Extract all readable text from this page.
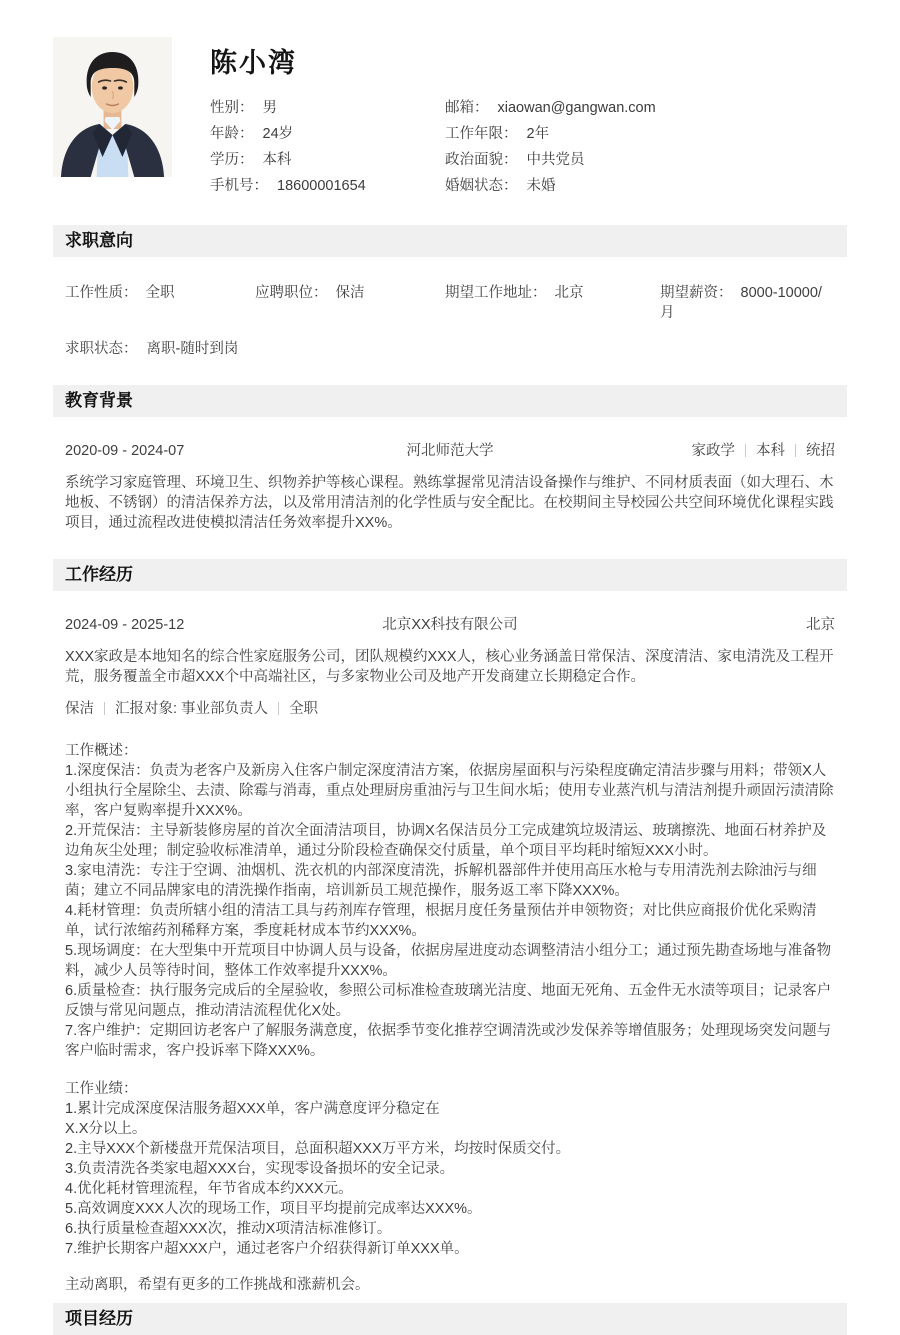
陈小湾
性别： 男
年龄： 24岁
学历： 本科
手机号： 18600001654
邮箱： xiaowan@gangwan.com
工作年限： 2年
政治面貌： 中共党员
婚姻状态： 未婚
求职意向
工作性质： 全职	应聘职位： 保洁	期望工作地址： 北京	期望薪资： 8000-10000/月
求职状态： 离职-随时到岗
教育背景
2020-09 - 2024-07	河北师范大学	家政学 本科 统招
系统学习家庭管理、环境卫生、织物养护等核心课程。熟练掌握常见清洁设备操作与维护、不同材质表面（如大理石、木地板、不锈钢）的清洁保养方法，以及常用清洁剂的化学性质与安全配比。在校期间主导校园公共空间环境优化课程实践项目，通过流程改进使模拟清洁任务效率提升XX%。
工作经历
2024-09 - 2025-12	北京XX科技有限公司	北京
XXX家政是本地知名的综合性家庭服务公司，团队规模约XXX人，核心业务涵盖日常保洁、深度清洁、家电清洗及工程开荒，服务覆盖全市超XXX个中高端社区，与多家物业公司及地产开发商建立长期稳定合作。
保洁 汇报对象: 事业部负责人 全职
工作概述：
1.深度保洁：负责为老客户及新房入住客户制定深度清洁方案，依据房屋面积与污染程度确定清洁步骤与用料；带领X人小组执行全屋除尘、去渍、除霉与消毒，重点处理厨房重油污与卫生间水垢；使用专业蒸汽机与清洁剂提升顽固污渍清除率，客户复购率提升XXX%。
2.开荒保洁：主导新装修房屋的首次全面清洁项目，协调X名保洁员分工完成建筑垃圾清运、玻璃擦洗、地面石材养护及边角灰尘处理；制定验收标准清单，通过分阶段检查确保交付质量，单个项目平均耗时缩短XXX小时。
3.家电清洗：专注于空调、油烟机、洗衣机的内部深度清洗，拆解机器部件并使用高压水枪与专用清洗剂去除油污与细菌；建立不同品牌家电的清洗操作指南，培训新员工规范操作，服务返工率下降XXX%。
4.耗材管理：负责所辖小组的清洁工具与药剂库存管理，根据月度任务量预估并申领物资；对比供应商报价优化采购清单，试行浓缩药剂稀释方案，季度耗材成本节约XXX%。
5.现场调度：在大型集中开荒项目中协调人员与设备，依据房屋进度动态调整清洁小组分工；通过预先勘查场地与准备物料，减少人员等待时间，整体工作效率提升XXX%。
6.质量检查：执行服务完成后的全屋验收，参照公司标准检查玻璃光洁度、地面无死角、五金件无水渍等项目；记录客户反馈与常见问题点，推动清洁流程优化X处。
7.客户维护：定期回访老客户了解服务满意度，依据季节变化推荐空调清洗或沙发保养等增值服务；处理现场突发问题与客户临时需求，客户投诉率下降XXX%。
工作业绩：
1.累计完成深度保洁服务超XXX单，客户满意度评分稳定在
X.X分以上。
2.主导XXX个新楼盘开荒保洁项目，总面积超XXX万平方米，均按时保质交付。
3.负责清洗各类家电超XXX台，实现零设备损坏的安全记录。
4.优化耗材管理流程，年节省成本约XXX元。
5.高效调度XXX人次的现场工作，项目平均提前完成率达XXX%。
6.执行质量检查超XXX次，推动X项清洁标准修订。
7.维护长期客户超XXX户，通过老客户介绍获得新订单XXX单。
主动离职，希望有更多的工作挑战和涨薪机会。
项目经历
